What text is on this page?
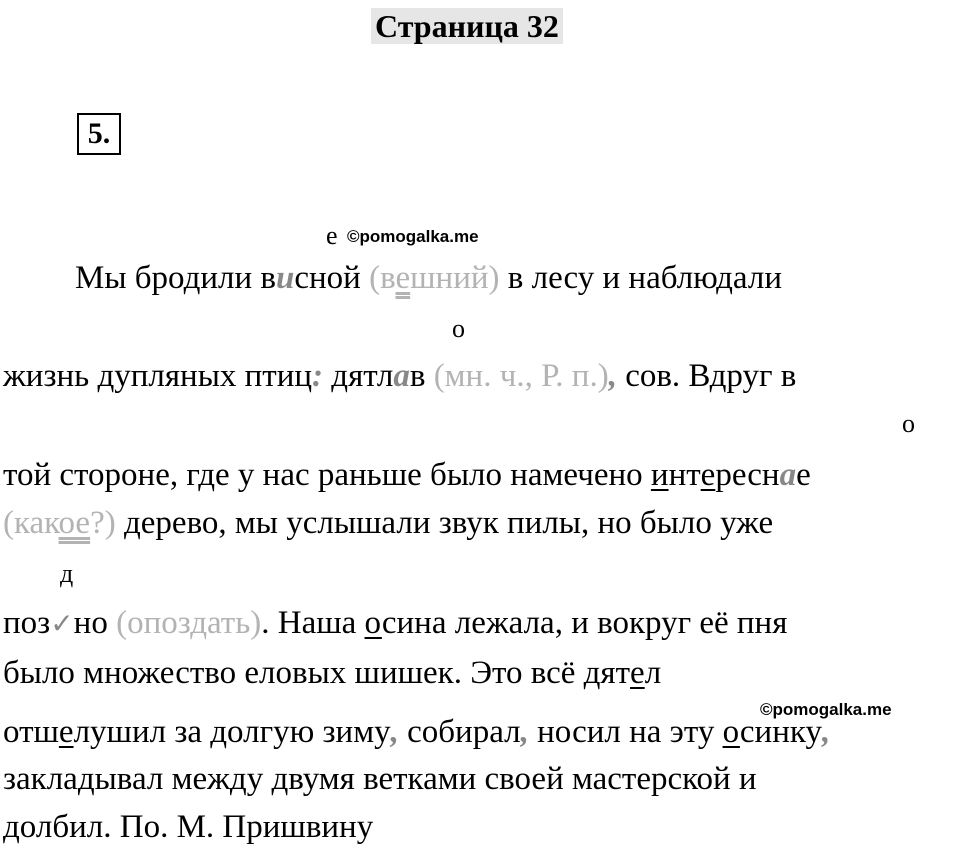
Страница 32
5.
е ©pomogalka.me
о
о
д
Мы бродили висной (вешний) в лесу и наблюдали
жизнь дупляных птиц: дятлав (мн. ч., Р. п.), сов. Вдруг в
той стороне, где у нас раньше было намечено интереснае
(какое?) дерево, мы услышали звук пилы, но было уже
поз✓но (опоздать). Наша осина лежала, и вокруг её пня
было множество еловых шишек. Это всё дятел
©pomogalka.me
отшелушил за долгую зиму, собирал, носил на эту осинку,
закладывал между двумя ветками своей мастерской и
долбил. По. М. Пришвину
